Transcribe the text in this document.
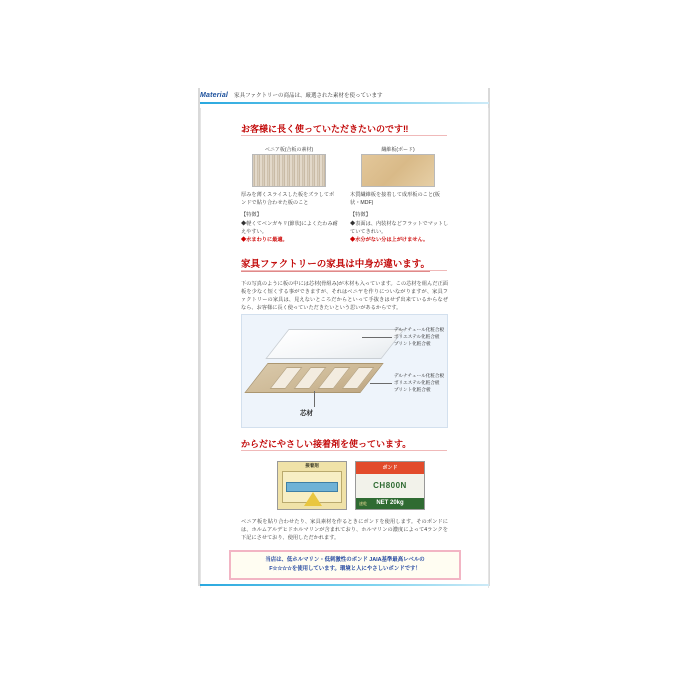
Material 家具ファクトリーの商品は、厳選された素材を使っています
お客様に長く使っていただきたいのです‼
ベニア板(合板の素材)
厚みを薄くスライスした板をズラしてボンドで貼り合わせた板のこと
【特徴】
◆軽くてベンガキリ(節状)によくたわみ耐えやすい。
◆水まわりに最適。
繊維板(ボード)
木質繊維板を接着して成形板のこと(板状・MDF)
【特徴】
◆表面は、内装材などフラットでマットしていてきれい。
◆水分がない分は上がけません。
家具ファクトリーの家具は中身が違います。
下の写真のように板の中には芯材(骨組み)が木材も入っています。この芯材を組んだ正面板を少なく短くする事ができますが、それはベニヤを作りについながりますが、家具ファクトリーの家具は、見えないところだからといって手抜きはせず出来ているからなぜなら、お客様に長く使っていただきたいという思いがあるからです。
デルナチュール化粧合板
ポリエステル化粧合板
プリント化粧合板
デルナチュール化粧合板
ポリエステル化粧合板
プリント化粧合板
芯材
からだにやさしい接着剤を使っています。
接着剤	ボンド
CH800N
速乾	NET 20kg
ベニア板を貼り合わせたり、家具素材を作るときにボンドを使用します。そのボンドには、ホルムアルデヒドホルマリンが含まれており、ホルマリンの濃度によって4ランクを下記にさせており、使用しただかれます。
当店は、低ホルマリン・低刺激性のボンド JAIA基準最高レベルの
F☆☆☆☆を使用しています。環境と人にやさしいボンドです！
